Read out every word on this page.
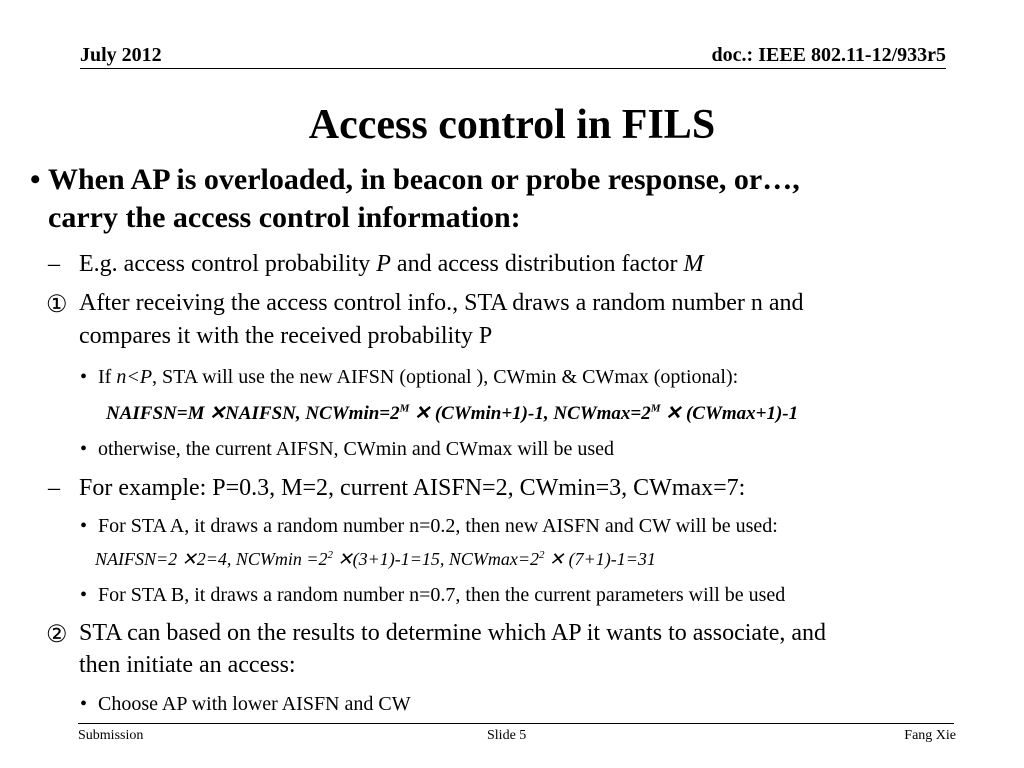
July 2012	doc.: IEEE 802.11-12/933r5
Access control in FILS
• When AP is overloaded, in beacon or probe response, or…,
carry the access control information:
– E.g. access control probability P and access distribution factor M
① After receiving the access control info., STA draws a random number n and
compares it with the received probability P
• If n<P, STA will use the new AIFSN (optional ), CWmin & CWmax (optional):
NAIFSN=M ✕NAIFSN, $NCWmin=2^M$ ✕ (CWmin+1)-1, $NCWmax=2^M$ ✕ (CWmax+1)-1
• otherwise, the current AIFSN, CWmin and CWmax will be used
– For example: P=0.3, M=2, current AISFN=2, CWmin=3, CWmax=7:
• For STA A, it draws a random number n=0.2, then new AISFN and CW will be used:
NAIFSN=2 ✕2=4, $NCWmin =2^2$ ✕(3+1)-1=15, $NCWmax=2^2$ ✕ (7+1)-1=31
• For STA B, it draws a random number n=0.7, then the current parameters will be used
② STA can based on the results to determine which AP it wants to associate, and
then initiate an access:
• Choose AP with lower AISFN and CW
Submission	Slide 5	Fang Xie
